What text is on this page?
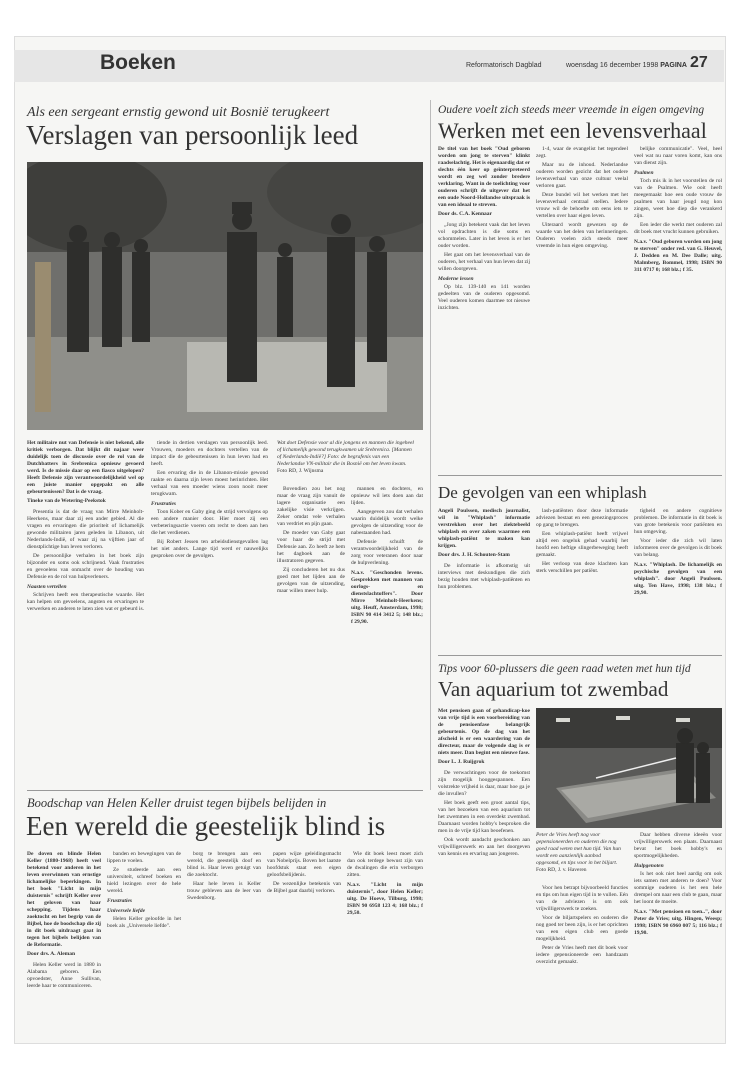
Boeken	Reformatorisch Dagblad	woensdag 16 december 1998 PAGINA 27
Als een sergeant ernstig gewond uit Bosnië terugkeert
Verslagen van persoonlijk leed

Het militaire nut van Defensie is niet bekend, alle kritiek verborgen. Dat blijkt dit najaar weer duidelijk toen de discussie over de rol van de Dutchbatters in Srebrenica opnieuw gevoerd werd. Is de missie daar op een fiasco uitgelopen? Heeft Defensie zijn verantwoordelijkheid wel op een juiste manier opgepakt en alle gebeurtenissen? Dat is de vraag.

Tineke van de Wetering-Peekstok

Presentia is dat de vraag van Mirre Meinholt-Heerkens, maar daar zij een ander gebied. Al die vragen en ervaringen die prioriteit of lichamelijk gewonde militairen jaren geleden in Libanon, uit Nederlands-Indië, of waar zij na vijftien jaar of dienstplichtige hun leven verloren.

De persoonlijke verhalen in het boek zijn bijzonder en soms ook schrijnend. Vaak frustraties en gevoelens van onmacht over de houding van Defensie en de rol van hulpverleners.

Naasten vertellen

Schrijven heeft een therapeutische waarde. Het kan helpen om gevoelens, angsten en ervaringen te verwerken en anderen te laten zien wat er gebeurd is.

tiende in dertien verslagen van persoonlijk leed. Vrouwen, moeders en dochters vertellen van de impact die de gebeurtenissen in hun leven had en heeft.

Een ervaring die in de Libanon-missie gewond raakte en daarna zijn leven moest herinrichten. Het verhaal van een moeder wiens zoon nooit meer terugkwam.

Frustraties

Toon Kober en Gaby ging de strijd vervolgens op een andere manier door. Hier moet zij een verbeteringsactie voeren om recht te doen aan hen die het verdienen.

Bij Robert Jessen ten arbeidsdienstgevallen lag het niet anders. Lange tijd werd er nauwelijks gesproken over de gevolgen.

Wat doet Defensie voor al die jongens en mannen die ingeheel of lichamelijk gewond terugkwamen uit Srebrenica. [Mannen of Nederlands-Indië?] Foto: de begrafenis van een Nederlandse VN-militair die in Bosnië om het leven kwam. Foto RD, J. Wijnsma

Bovendien zou het nog maar de vraag zijn vanuit de lagere organisatie een zakelijke visie verkrijgen. Zeker omdat vele verhalen van verdriet en pijn gaan.

De moeder van Gaby gaat voor haar de strijd met Defensie aan. Zo heeft ze hem het dagboek aan de illustratoren gegeven.

Zij concluderen het nu dus goed met het lijden aan de gevolgen van de uitzending, maar willen meer hulp.

mannen en dochters, en opnieuw wil iets doen aan dat lijden.

Aangegeven zou dat verhalen waarin duidelijk wordt welke gevolgen de uitzending voor de nabestaanden had.

Defensie schuift de verantwoordelijkheid van de zorg voor veteranen door naar de hulpverlening.

N.a.v. "Geschonden levens. Gesprekken met mannen van oorlogs- en dienstslachtoffers". Door Mirre Meinholt-Heerkens; uitg. Heuff, Amsterdam, 1998; ISBN 90 414 3412 5; 148 blz.; f 29,90.

Oudere voelt zich steeds meer vreemde in eigen omgeving
Werken met een levensverhaal

De titel van het boek "Oud geboren worden om jong te sterven" klinkt raadselachtig. Het is eigenaardig dat er slechts één keer op geïnterpreteerd wordt en zeg wel zonder bredere verklaring. Want in de toelichting voor ouderen schrijft de uitgever dat het een oude Noord-Hollandse uitspraak is van een ideaal te streven.

Door ds. C.A. Kennaar

„Jong zijn betekent vaak dat het leven vol opdrachten is die soms en schommelen. Later in het leven is er het ouder worden.

Het gaat om het levensverhaal van de ouderen, het verhaal van hun leven dat zij willen doorgeven.

Moderne lessen

Op blz. 139-140 en 141 worden gedeelten van de ouderen opgesomd. Veel ouderen komen daarmee tot nieuwe inzichten.

1-4, waar de evangelist het tegendeel zegt.

Maar nu de inhoud. Nederlandse ouderen worden gezicht dat het oudere levensverhaal van onze cultuur veelal verloren gaat.

Deze bundel wil het werken met het levensverhaal centraal stellen. Iedere vrouw wil de behoefte om eens iets te vertellen over haar eigen leven.

Uiteraard wordt gewezen op de waarde van het delen van herinneringen. Ouderen voelen zich steeds meer vreemde in hun eigen omgeving.

belijke communicatie". Veel, heel veel wat nu naar voren komt, kan ons van dienst zijn.

Psalmen

Toch mis ik in het voorstellen de rol van de Psalmen. Wie ooit heeft meegemaakt hoe een oude vrouw de psalmen van haar jeugd nog kon zingen, weet hoe diep die verankerd zijn.

Een ieder die werkt met ouderen zal dit boek met vrucht kunnen gebruiken.

N.a.v. "Oud geboren worden om jong te sterven" onder red. van G. Heuvel, J. Dedden en M. Dee Dalle; uitg. Malmberg, Bommel, 1998; ISBN 90 311 0717 0; 168 blz.; f 35.

De gevolgen van een whiplash

Angeli Poulssen, medisch journalist, wil in "Whiplash" informatie verstrekken over het ziektebeeld whiplash en over zaken waarmee een whiplash-patiënt te maken kan krijgen.

Door drs. J. H. Schouten-Stam

De informatie is afkomstig uit interviews met deskundigen die zich bezig houden met whiplash-patiënten en hun problemen.

lash-patiënten door deze informatie adviezen bestaat en een genezingsproces op gang te brengen.

Een whiplash-patiënt heeft vrijwel altijd een ongeluk gehad waarbij het hoofd een heftige slingerbeweging heeft gemaakt.

Het verloop van deze klachten kan sterk verschillen per patiënt.

tigheid en andere cognitieve problemen. De informatie in dit boek is van grote betekenis voor patiënten en hun omgeving.

Voor ieder die zich wil laten informeren over de gevolgen is dit boek van belang.

N.a.v. "Whiplash. De lichamelijk en psychische gevolgen van een whiplash". door Angeli Poulssen. uitg. Ten Have, 1998; 138 blz.; f 29,90.

Tips voor 60-plussers die geen raad weten met hun tijd
Van aquarium tot zwembad

Met pensioen gaan of gehandicap-koe van vrije tijd is een voorbereiding van de pensioenfase belangrijk gebeurtenis. Op de dag van het afscheid is er een waardering van de directeur, maar de volgende dag is er niets meer. Dan begint een nieuwe fase.

Door L. J. Ruijgrok

De verwachtingen voor de toekomst zijn mogelijk hooggespannen. Een volstrekte vrijheid is daar, maar hoe ga je die invullen?

Het boek geeft een groot aantal tips, van het bezoeken van een aquarium tot het zwemmen in een overdekt zwembad. Daarnaast worden hobby's besproken die men in de vrije tijd kan beoefenen.

Ook wordt aandacht geschonken aan vrijwilligerswerk en aan het doorgeven van kennis en ervaring aan jongeren.

Peter de Vries heeft nog voor gepensioneerden en ouderen die nog goed raad weten met hun tijd. Van hun wordt een aanzienlijk aanbod opgesomd, en tips voor in het biljart. Foto RD, J. v. Haveren

Voor hen betrapt bijvoorbeeld functies en tips om hun eigen tijd in te vullen. Eén van de adviezen is om ook vrijwilligerswerk te zoeken.

Voor de biljartspelers en ouderen die nog goed ter been zijn, is er het oprichten van een eigen club een goede mogelijkheid.

Peter de Vries heeft met dit boek voor iedere gepensioneerde een handzaam overzicht gemaakt.

Daar hebben diverse ideeën voor vrijwilligerswerk een plaats. Daarnaast bevat het boek hobby's en sportmogelijkheden.

Hulpgenoten

Is het ook niet heel aardig om ook iets samen met anderen te doen? Voor sommige ouderen is het een hele drempel om naar een club te gaan, maar het loont de moeite.

N.a.v. "Met pensioen en toen..", door Peter de Vries; uitg. Hingen, Weesp; 1998; ISBN 90 6960 007 5; 116 blz.; f 19,90.

Boodschap van Helen Keller druist tegen bijbels belijden in
Een wereld die geestelijk blind is

De doven en blinde Helen Keller (1880-1968) heeft veel betekend voor anderen in het leven overwinnen van ernstige lichamelijke beperkingen. In het boek "Licht in mijn duisternis" schrijft Keller over het geloven van haar schepping. Tijdens haar zoektocht en het begrip van de Bijbel, hoe de boodschap die zij in dit boek uitdraagt gaat in tegen het bijbels belijden van de Reformatie.

Door drs. A. Aleman

Helen Keller werd in 1880 in Alabama geboren. Een opvoedster, Anne Sullivan, leerde haar te communiceren.

banden en bewegingen van de lippen te voelen.

Ze studeerde aan een universiteit, schreef boeken en hield lezingen over de hele wereld.

Frustraties

Universele liefde

Helen Keller geloofde in het boek als „Universele liefde".

borg te brengen aan een wereld, die geestelijk doof en blind is. Haar leven getuigt van die zoektocht.

Haar hele leven is Keller trouw gebleven aan de leer van Swedenborg.

papen wijze geleidingsmacht van Nobelprijs. Boven het laatste hoofdstuk staat een eigen geloofsbelijdenis.

De wezenlijke betekenis van de Bijbel gaat daarbij verloren.

Wie dit boek leest moet zich dan ook terdege bewust zijn van de dwalingen die erin verborgen zitten.

N.a.v. "Licht in mijn duisternis", door Helen Keller; uitg. De Hoeve, Tilburg, 1998; ISBN 90 6958 123 4; 168 blz.; f 29,50.
